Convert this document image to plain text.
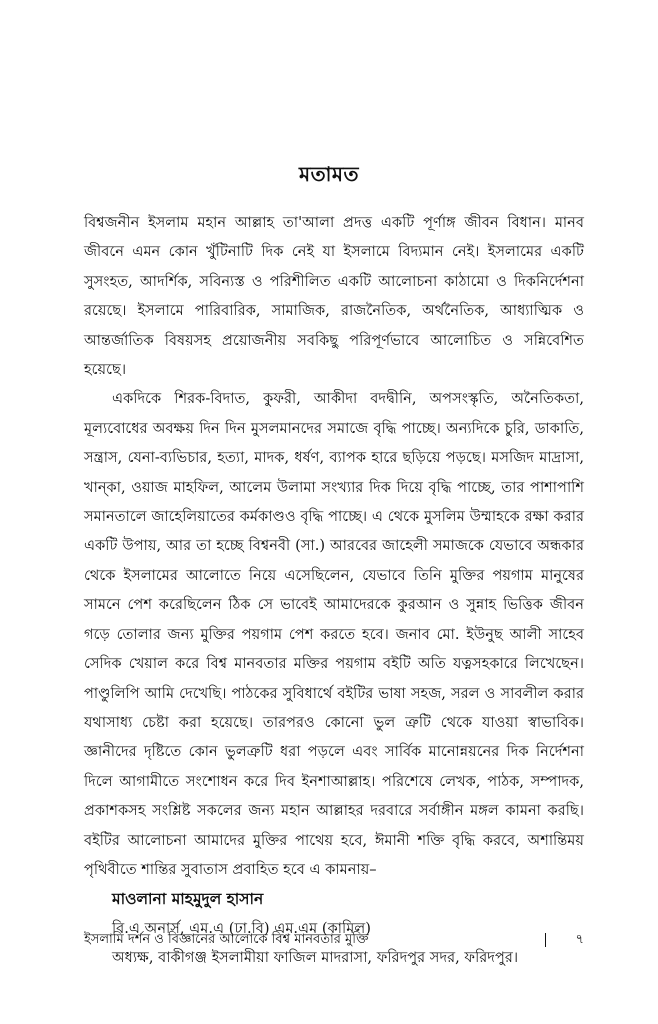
মতামত

বিশ্বজনীন ইসলাম মহান আল্লাহ তা'আলা প্রদত্ত একটি পূর্ণাঙ্গ জীবন বিধান। মানব জীবনে এমন কোন খুঁটিনাটি দিক নেই যা ইসলামে বিদ্যমান নেই। ইসলামের একটি সুসংহত, আদর্শিক, সবিন্যস্ত ও পরিশীলিত একটি আলোচনা কাঠামো ও দিকনির্দেশনা রয়েছে। ইসলামে পারিবারিক, সামাজিক, রাজনৈতিক, অর্থনৈতিক, আধ্যাত্মিক ও আন্তর্জাতিক বিষয়সহ প্রয়োজনীয় সবকিছু পরিপূর্ণভাবে আলোচিত ও সন্নিবেশিত হয়েছে।

একদিকে শিরক-বিদাত, কুফরী, আকীদা বদদ্বীনি, অপসংস্কৃতি, অনৈতিকতা, মূল্যবোধের অবক্ষয় দিন দিন মুসলমানদের সমাজে বৃদ্ধি পাচ্ছে। অন্যদিকে চুরি, ডাকাতি, সন্ত্রাস, যেনা-ব্যভিচার, হত্যা, মাদক, ধর্ষণ, ব্যাপক হারে ছড়িয়ে পড়ছে। মসজিদ মাদ্রাসা, খান্কা, ওয়াজ মাহফিল, আলেম উলামা সংখ্যার দিক দিয়ে বৃদ্ধি পাচ্ছে, তার পাশাপাশি সমানতালে জাহেলিয়াতের কর্মকাণ্ডও বৃদ্ধি পাচ্ছে। এ থেকে মুসলিম উম্মাহকে রক্ষা করার একটি উপায়, আর তা হচ্ছে বিশ্বনবী (সা.) আরবের জাহেলী সমাজকে যেভাবে অন্ধকার থেকে ইসলামের আলোতে নিয়ে এসেছিলেন, যেভাবে তিনি মুক্তির পয়গাম মানুষের সামনে পেশ করেছিলেন ঠিক সে ভাবেই আমাদেরকে কুরআন ও সুন্নাহ ভিত্তিক জীবন গড়ে তোলার জন্য মুক্তির পয়গাম পেশ করতে হবে। জনাব মো. ইউনুছ আলী সাহেব সেদিক খেয়াল করে বিশ্ব মানবতার মক্তির পয়গাম বইটি অতি যত্নসহকারে লিখেছেন। পাণ্ডুলিপি আমি দেখেছি। পাঠকের সুবিধার্থে বইটির ভাষা সহজ, সরল ও সাবলীল করার যথাসাধ্য চেষ্টা করা হয়েছে। তারপরও কোনো ভুল ত্রুটি থেকে যাওয়া স্বাভাবিক। জ্ঞানীদের দৃষ্টিতে কোন ভুলত্রুটি ধরা পড়লে এবং সার্বিক মানোন্নয়নের দিক নির্দেশনা দিলে আগামীতে সংশোধন করে দিব ইনশাআল্লাহ। পরিশেষে লেখক, পাঠক, সম্পাদক, প্রকাশকসহ সংশ্লিষ্ট সকলের জন্য মহান আল্লাহর দরবারে সর্বাঙ্গীন মঙ্গল কামনা করছি। বইটির আলোচনা আমাদের মুক্তির পাথেয় হবে, ঈমানী শক্তি বৃদ্ধি করবে, অশান্তিময় পৃথিবীতে শান্তির সুবাতাস প্রবাহিত হবে এ কামনায়–

মাওলানা মাহমুদুল হাসান
বি.এ অনার্স, এম.এ (ঢা.বি) এম.এম (কামিল)
অধ্যক্ষ, বাকীগঞ্জ ইসলামীয়া ফাজিল মাদরাসা, ফরিদপুর সদর, ফরিদপুর।
ইসলামি দর্শন ও বিজ্ঞানের আলোকে বিশ্ব মানবতার মুক্তি	৭
